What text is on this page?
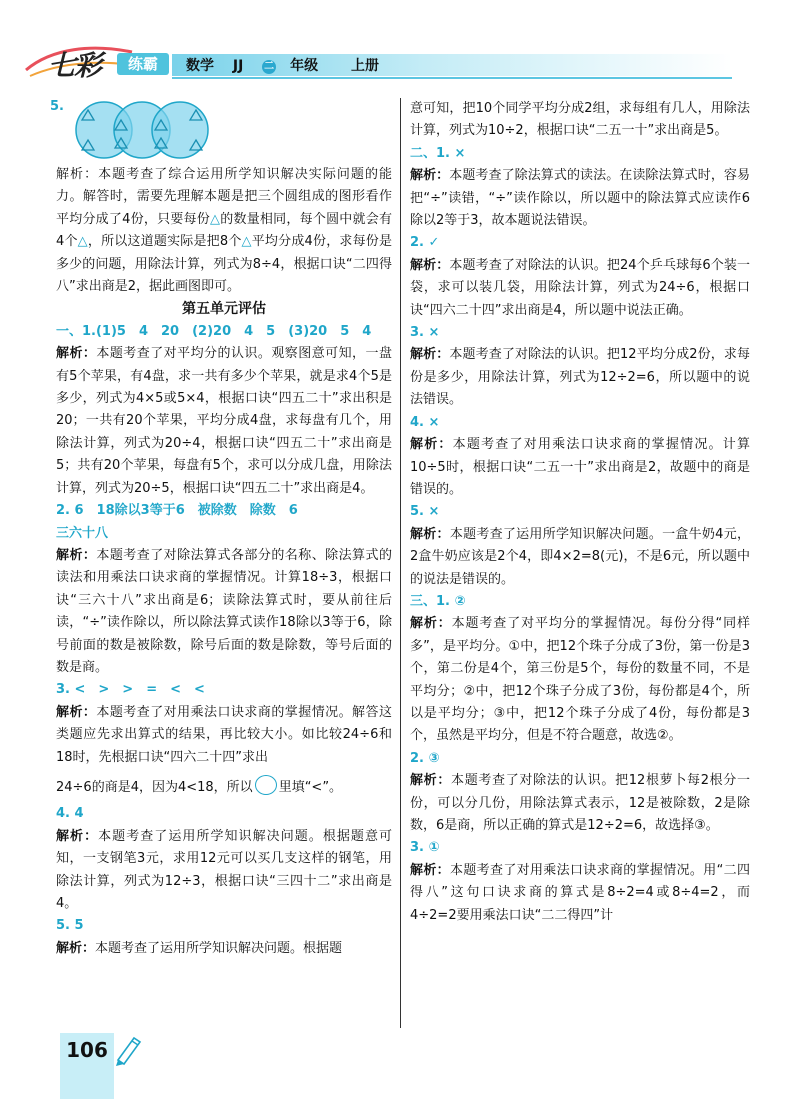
七彩	练霸	数学 JJ 二 年级 上册
5.

解析：本题考查了综合运用所学知识解决实际问题的能力。解答时，需要先理解本题是把三个圆组成的图形看作平均分成了4份，只要每份△的数量相同，每个圆中就会有4个△，所以这道题实际是把8个△平均分成4份，求每份是多少的问题，用除法计算，列式为8÷4，根据口诀“二四得八”求出商是2，据此画图即可。

第五单元评估

一、1.(1)5　4　20　(2)20　4　5　(3)20　5　4

解析：本题考查了对平均分的认识。观察图意可知，一盘有5个苹果，有4盘，求一共有多少个苹果，就是求4个5是多少，列式为4×5或5×4，根据口诀“四五二十”求出积是20；一共有20个苹果，平均分成4盘，求每盘有几个，用除法计算，列式为20÷4，根据口诀“四五二十”求出商是5；共有20个苹果，每盘有5个，求可以分成几盘，用除法计算，列式为20÷5，根据口诀“四五二十”求出商是4。

2. 6　18除以3等于6　被除数　除数　6

三六十八

解析：本题考查了对除法算式各部分的名称、除法算式的读法和用乘法口诀求商的掌握情况。计算18÷3，根据口诀“三六十八”求出商是6；读除法算式时，要从前往后读，“÷”读作除以，所以除法算式读作18除以3等于6，除号前面的数是被除数，除号后面的数是除数，等号后面的数是商。

3. <　>　>　=　<　<

解析：本题考查了对用乘法口诀求商的掌握情况。解答这类题应先求出算式的结果，再比较大小。如比较24÷6和18时，先根据口诀“四六二十四”求出

24÷6的商是4，因为4<18，所以 里填“<”。

4. 4

解析：本题考查了运用所学知识解决问题。根据题意可知，一支钢笔3元，求用12元可以买几支这样的钢笔，用除法计算，列式为12÷3，根据口诀“三四十二”求出商是4。

5. 5

解析：本题考查了运用所学知识解决问题。根据题

意可知，把10个同学平均分成2组，求每组有几人，用除法计算，列式为10÷2，根据口诀“二五一十”求出商是5。

二、1. ×

解析：本题考查了除法算式的读法。在读除法算式时，容易把“÷”读错，“÷”读作除以，所以题中的除法算式应读作6除以2等于3，故本题说法错误。

2. ✓

解析：本题考查了对除法的认识。把24个乒乓球每6个装一袋，求可以装几袋，用除法计算，列式为24÷6，根据口诀“四六二十四”求出商是4，所以题中说法正确。

3. ×

解析：本题考查了对除法的认识。把12平均分成2份，求每份是多少，用除法计算，列式为12÷2=6，所以题中的说法错误。

4. ×

解析：本题考查了对用乘法口诀求商的掌握情况。计算10÷5时，根据口诀“二五一十”求出商是2，故题中的商是错误的。

5. ×

解析：本题考查了运用所学知识解决问题。一盒牛奶4元，2盒牛奶应该是2个4，即4×2=8(元)，不是6元，所以题中的说法是错误的。

三、1. ②

解析：本题考查了对平均分的掌握情况。每份分得“同样多”，是平均分。①中，把12个珠子分成了3份，第一份是3个，第二份是4个，第三份是5个，每份的数量不同，不是平均分；②中，把12个珠子分成了3份，每份都是4个，所以是平均分；③中，把12个珠子分成了4份，每份都是3个，虽然是平均分，但是不符合题意，故选②。

2. ③

解析：本题考查了对除法的认识。把12根萝卜每2根分一份，可以分几份，用除法算式表示，12是被除数，2是除数，6是商，所以正确的算式是12÷2=6，故选择③。

3. ①

解析：本题考查了对用乘法口诀求商的掌握情况。用“二四得八”这句口诀求商的算式是8÷2=4或8÷4=2，而4÷2=2要用乘法口诀“二二得四”计

106
